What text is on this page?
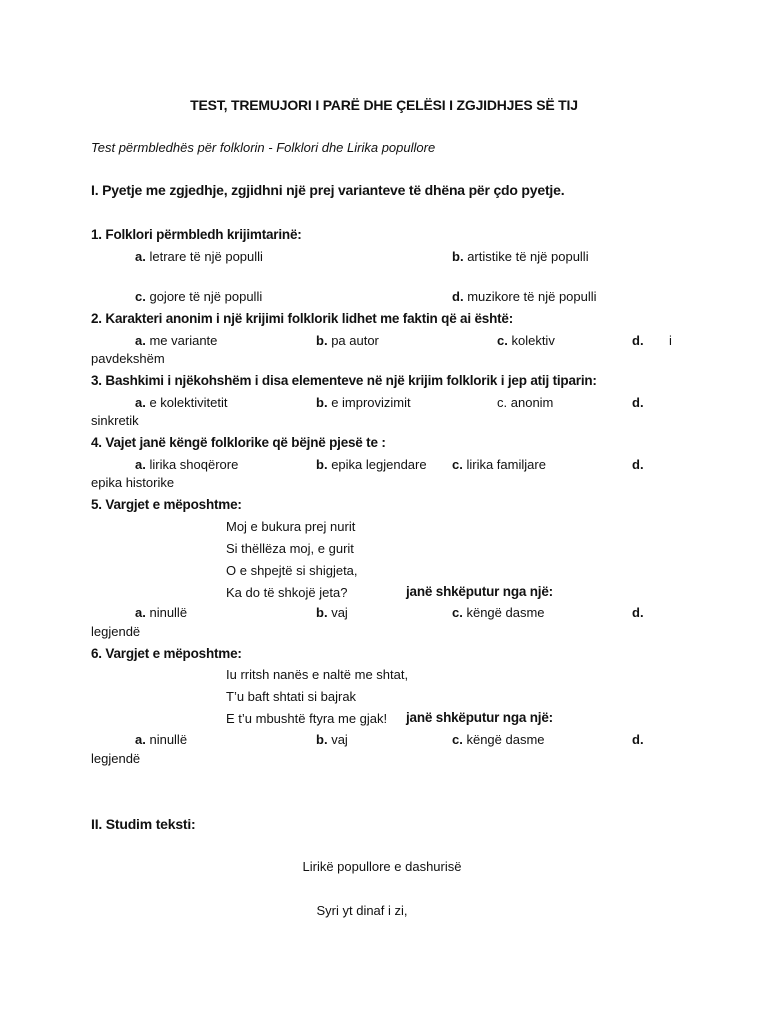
TEST, TREMUJORI I PARË DHE ÇELËSI I ZGJIDHJES SË TIJ
Test përmbledhës për folklorin - Folklori dhe Lirika popullore
I. Pyetje me zgjedhje, zgjidhni një prej varianteve të dhëna për çdo pyetje.
1. Folklori përmbledh krijimtarinë:
a. letrare të një populli	b. artistike të një populli
c. gojore të një populli	d. muzikore të një populli
2. Karakteri anonim i një krijimi folklorik lidhet me faktin që ai është:
a. me variante	b. pa autor	c. kolektiv	d. i
pavdekshëm
3. Bashkimi i njëkohshëm i disa elementeve në një krijim folklorik i jep atij tiparin:
a. e kolektivitetit	b. e improvizimit	c. anonim	d.
sinkretik
4. Vajet janë këngë folklorike që bëjnë pjesë te :
a. lirika shoqërore	b. epika legjendare c. lirika familjare	d.
epika historike
5. Vargjet e mëposhtme:
Moj e bukura prej nurit
Si thëllëza moj, e gurit
O e shpejtë si shigjeta,
Ka do të shkojë jeta?	janë shkëputur nga një:
a. ninullë	b. vaj	c. këngë dasme	d.
legjendë
6. Vargjet e mëposhtme:
Iu rritsh nanës e naltë me shtat,
T’u baft shtati si bajrak
E t’u mbushtë ftyra me gjak! janë shkëputur nga një:
a. ninullë	b. vaj	c. këngë dasme	d.
legjendë
II. Studim teksti:
Lirikë popullore e dashurisë
Syri yt dinaf i zi,
